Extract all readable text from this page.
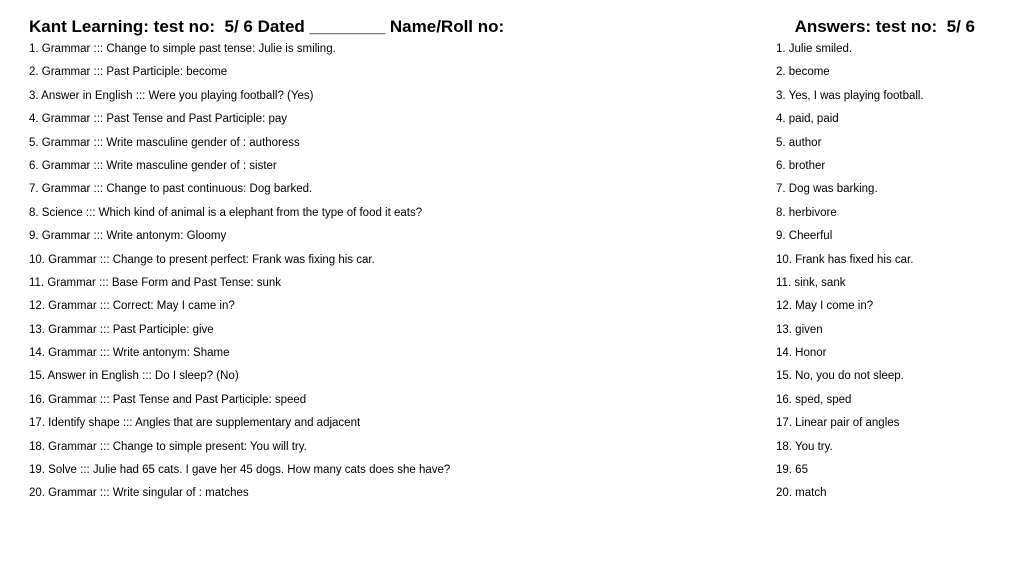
Kant Learning: test no:  5/ 6 Dated ________ Name/Roll no:	Answers: test no:  5/ 6
1. Grammar ::: Change to simple past tense: Julie is smiling.
2. Grammar ::: Past Participle: become
3. Answer in English ::: Were you playing football? (Yes)
4. Grammar ::: Past Tense and Past Participle: pay
5. Grammar ::: Write masculine gender of : authoress
6. Grammar ::: Write masculine gender of : sister
7. Grammar ::: Change to past continuous: Dog barked.
8. Science ::: Which kind of animal is a elephant from the type of food it eats?
9. Grammar ::: Write antonym: Gloomy
10. Grammar ::: Change to present perfect: Frank was fixing his car.
11. Grammar ::: Base Form and Past Tense: sunk
12. Grammar ::: Correct: May I came in?
13. Grammar ::: Past Participle: give
14. Grammar ::: Write antonym: Shame
15. Answer in English ::: Do I sleep? (No)
16. Grammar ::: Past Tense and Past Participle: speed
17. Identify shape ::: Angles that are supplementary and adjacent
18. Grammar ::: Change to simple present: You will try.
19. Solve ::: Julie had 65 cats. I gave her 45 dogs. How many cats does she have?
20. Grammar ::: Write singular of : matches
1. Julie smiled.
2. become
3. Yes, I was playing football.
4. paid, paid
5. author
6. brother
7. Dog was barking.
8. herbivore
9. Cheerful
10. Frank has fixed his car.
11. sink, sank
12. May I come in?
13. given
14. Honor
15. No, you do not sleep.
16. sped, sped
17. Linear pair of angles
18. You try.
19. 65
20. match
